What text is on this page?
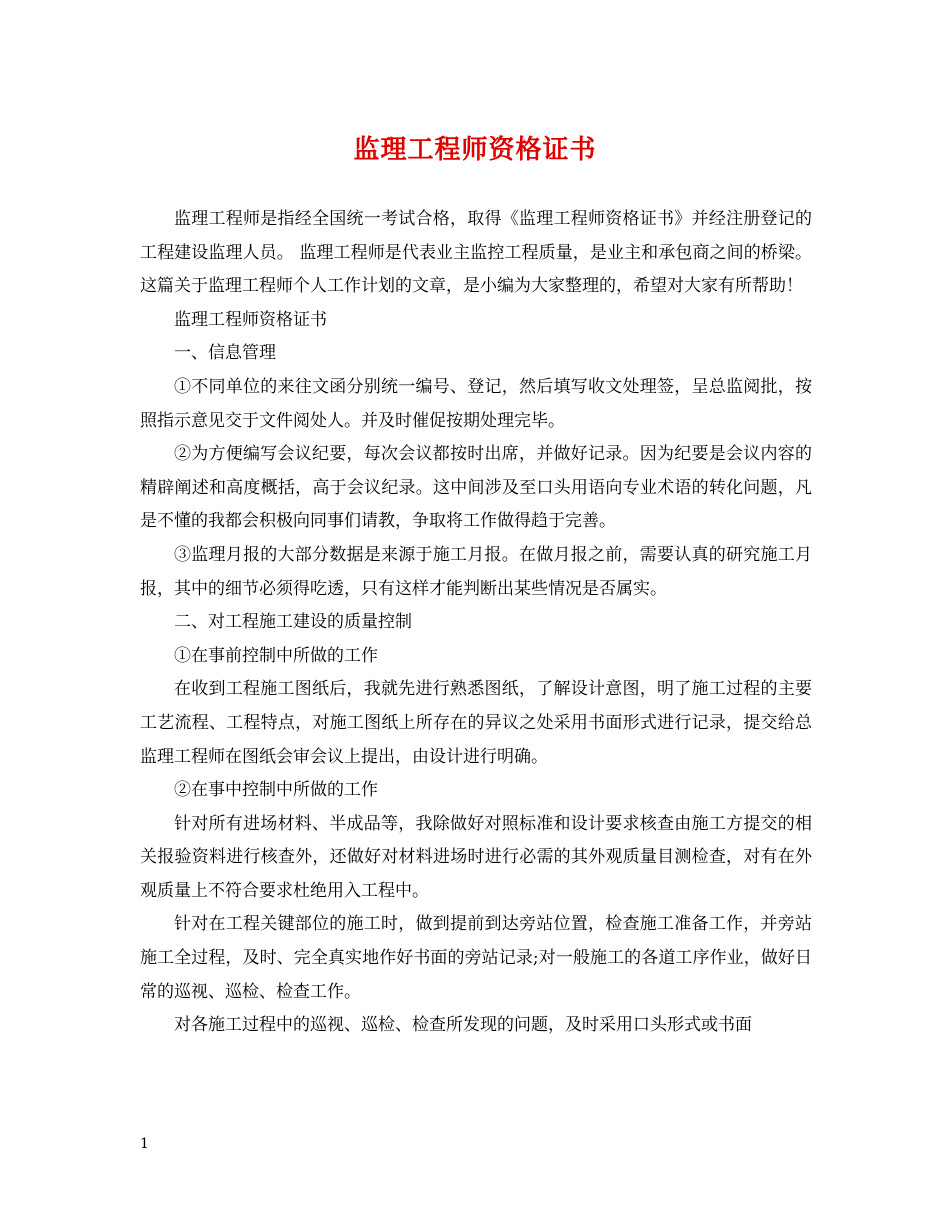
监理工程师资格证书

监理工程师是指经全国统一考试合格，取得《监理工程师资格证书》并经注册登记的工程建设监理人员。 监理工程师是代表业主监控工程质量，是业主和承包商之间的桥梁。这篇关于监理工程师个人工作计划的文章，是小编为大家整理的，希望对大家有所帮助！

监理工程师资格证书

一、信息管理

①不同单位的来往文函分别统一编号、登记，然后填写收文处理签，呈总监阅批，按照指示意见交于文件阅处人。并及时催促按期处理完毕。

②为方便编写会议纪要，每次会议都按时出席，并做好记录。因为纪要是会议内容的精辟阐述和高度概括，高于会议纪录。这中间涉及至口头用语向专业术语的转化问题，凡是不懂的我都会积极向同事们请教，争取将工作做得趋于完善。

③监理月报的大部分数据是来源于施工月报。在做月报之前，需要认真的研究施工月报，其中的细节必须得吃透，只有这样才能判断出某些情况是否属实。

二、对工程施工建设的质量控制

①在事前控制中所做的工作

在收到工程施工图纸后，我就先进行熟悉图纸，了解设计意图，明了施工过程的主要工艺流程、工程特点，对施工图纸上所存在的异议之处采用书面形式进行记录，提交给总监理工程师在图纸会审会议上提出，由设计进行明确。

②在事中控制中所做的工作

针对所有进场材料、半成品等，我除做好对照标准和设计要求核查由施工方提交的相关报验资料进行核查外，还做好对材料进场时进行必需的其外观质量目测检查，对有在外观质量上不符合要求杜绝用入工程中。

针对在工程关键部位的施工时，做到提前到达旁站位置，检查施工准备工作，并旁站施工全过程，及时、完全真实地作好书面的旁站记录;对一般施工的各道工序作业，做好日常的巡视、巡检、检查工作。

对各施工过程中的巡视、巡检、检查所发现的问题，及时采用口头形式或书面

1
